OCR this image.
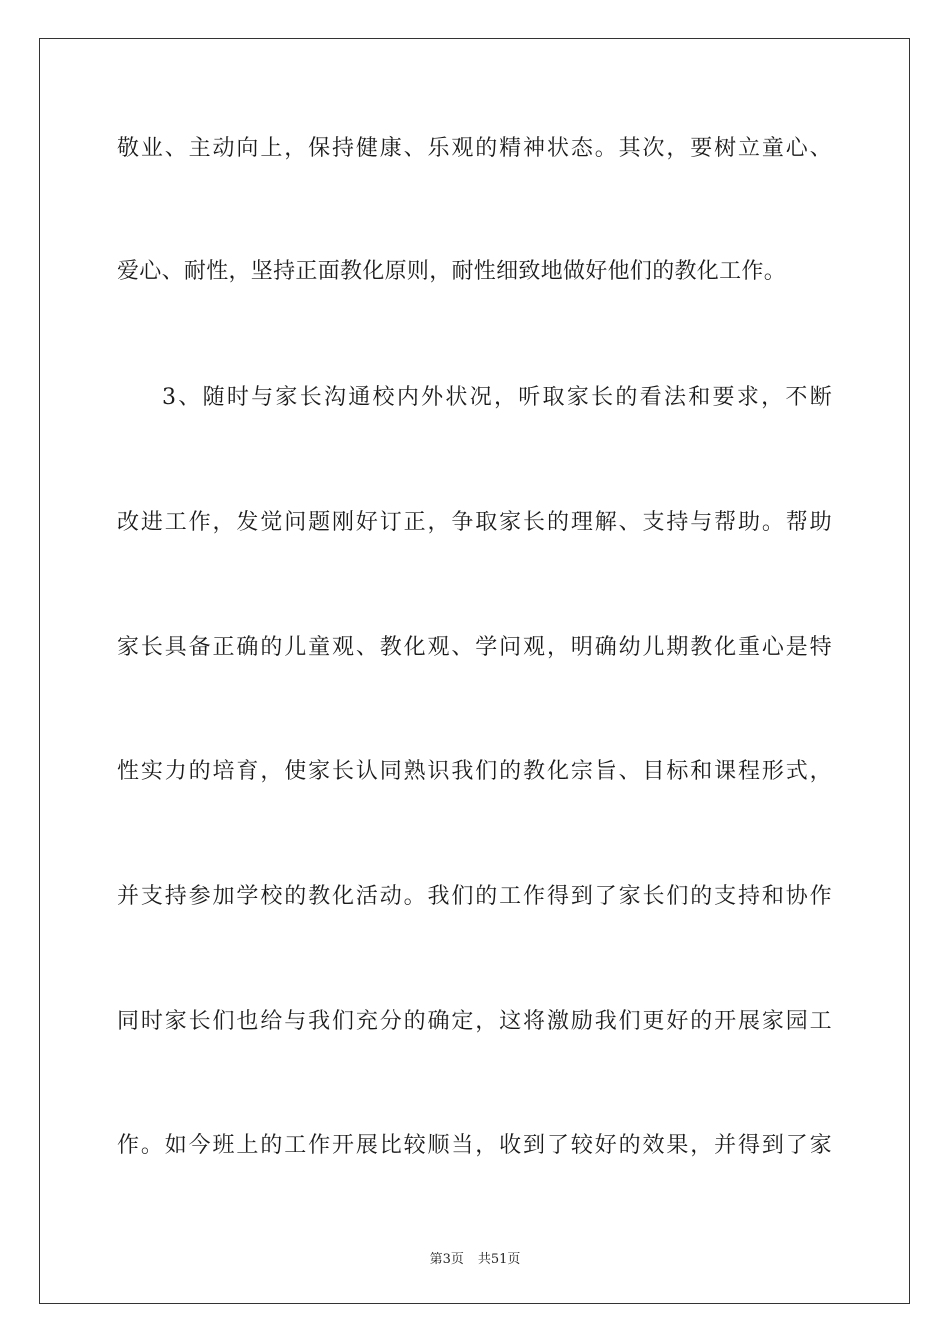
敬业、主动向上，保持健康、乐观的精神状态。其次，要树立童心、
爱心、耐性，坚持正面教化原则，耐性细致地做好他们的教化工作。
3、随时与家长沟通校内外状况，听取家长的看法和要求，不断
改进工作，发觉问题刚好订正，争取家长的理解、支持与帮助。帮助
家长具备正确的儿童观、教化观、学问观，明确幼儿期教化重心是特
性实力的培育，使家长认同熟识我们的教化宗旨、目标和课程形式，
并支持参加学校的教化活动。我们的工作得到了家长们的支持和协作
同时家长们也给与我们充分的确定，这将激励我们更好的开展家园工
作。如今班上的工作开展比较顺当，收到了较好的效果，并得到了家
第3页 共51页
